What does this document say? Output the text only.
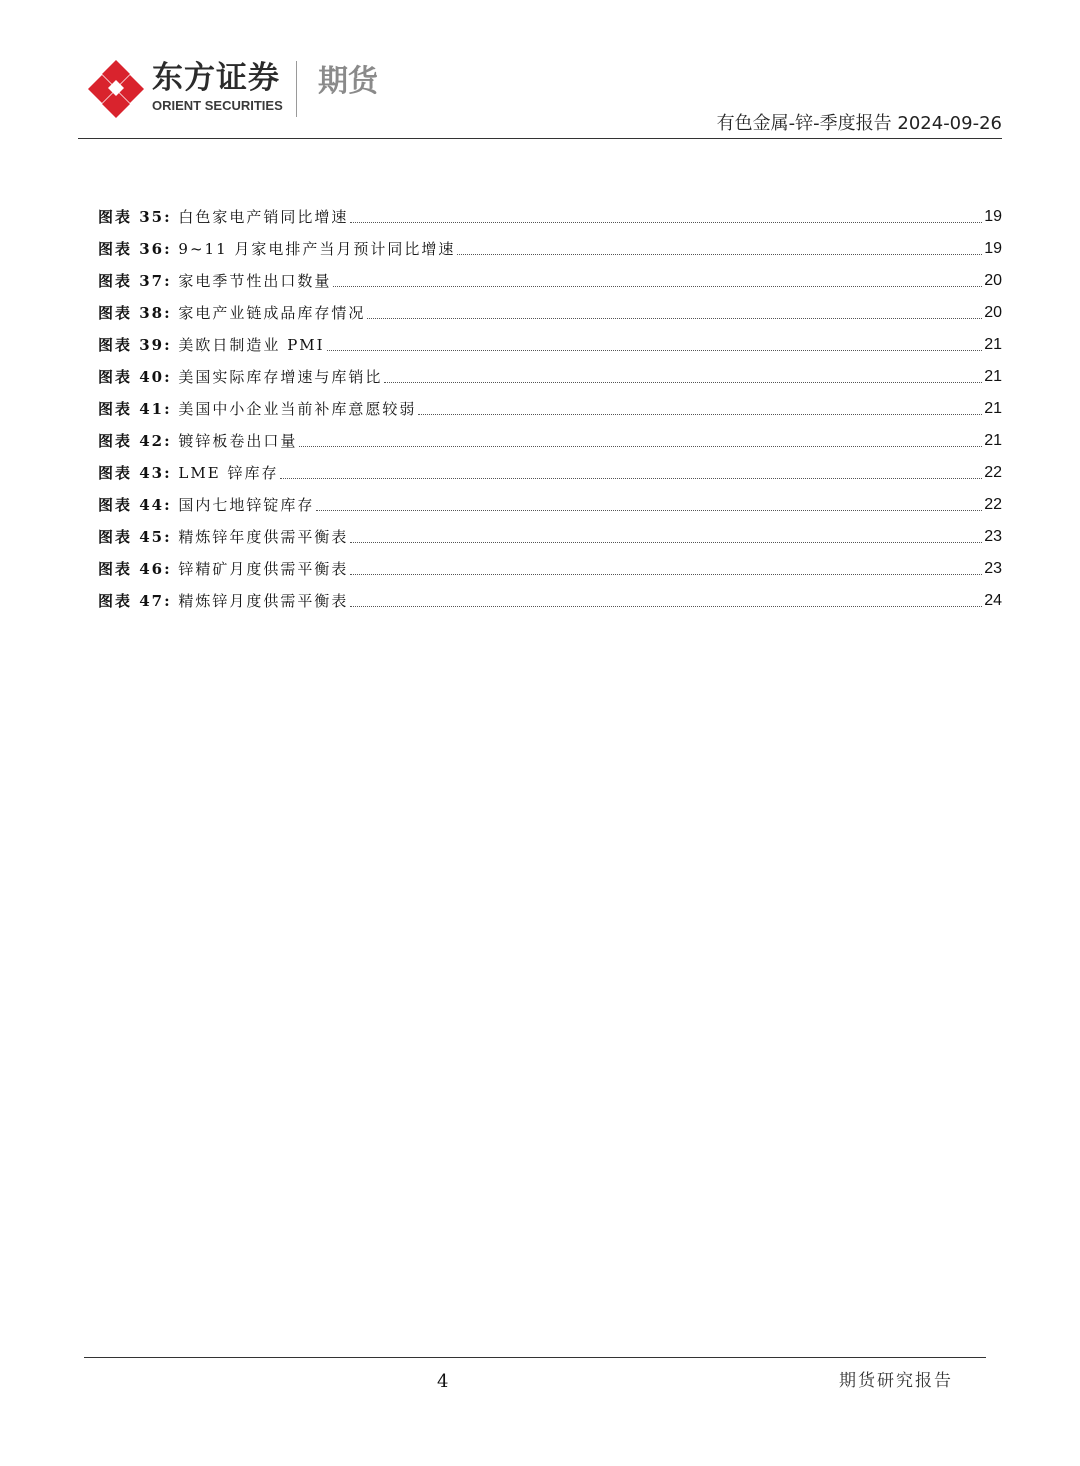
东方证券
ORIENT SECURITIES
期货
有色金属-锌-季度报告 2024-09-26
图表 35: 白色家电产销同比增速	19
图表 36: 9~11 月家电排产当月预计同比增速	19
图表 37: 家电季节性出口数量	20
图表 38: 家电产业链成品库存情况	20
图表 39: 美欧日制造业 PMI	21
图表 40: 美国实际库存增速与库销比	21
图表 41: 美国中小企业当前补库意愿较弱	21
图表 42: 镀锌板卷出口量	21
图表 43: LME 锌库存	22
图表 44: 国内七地锌锭库存	22
图表 45: 精炼锌年度供需平衡表	23
图表 46: 锌精矿月度供需平衡表	23
图表 47: 精炼锌月度供需平衡表	24
4	期货研究报告
